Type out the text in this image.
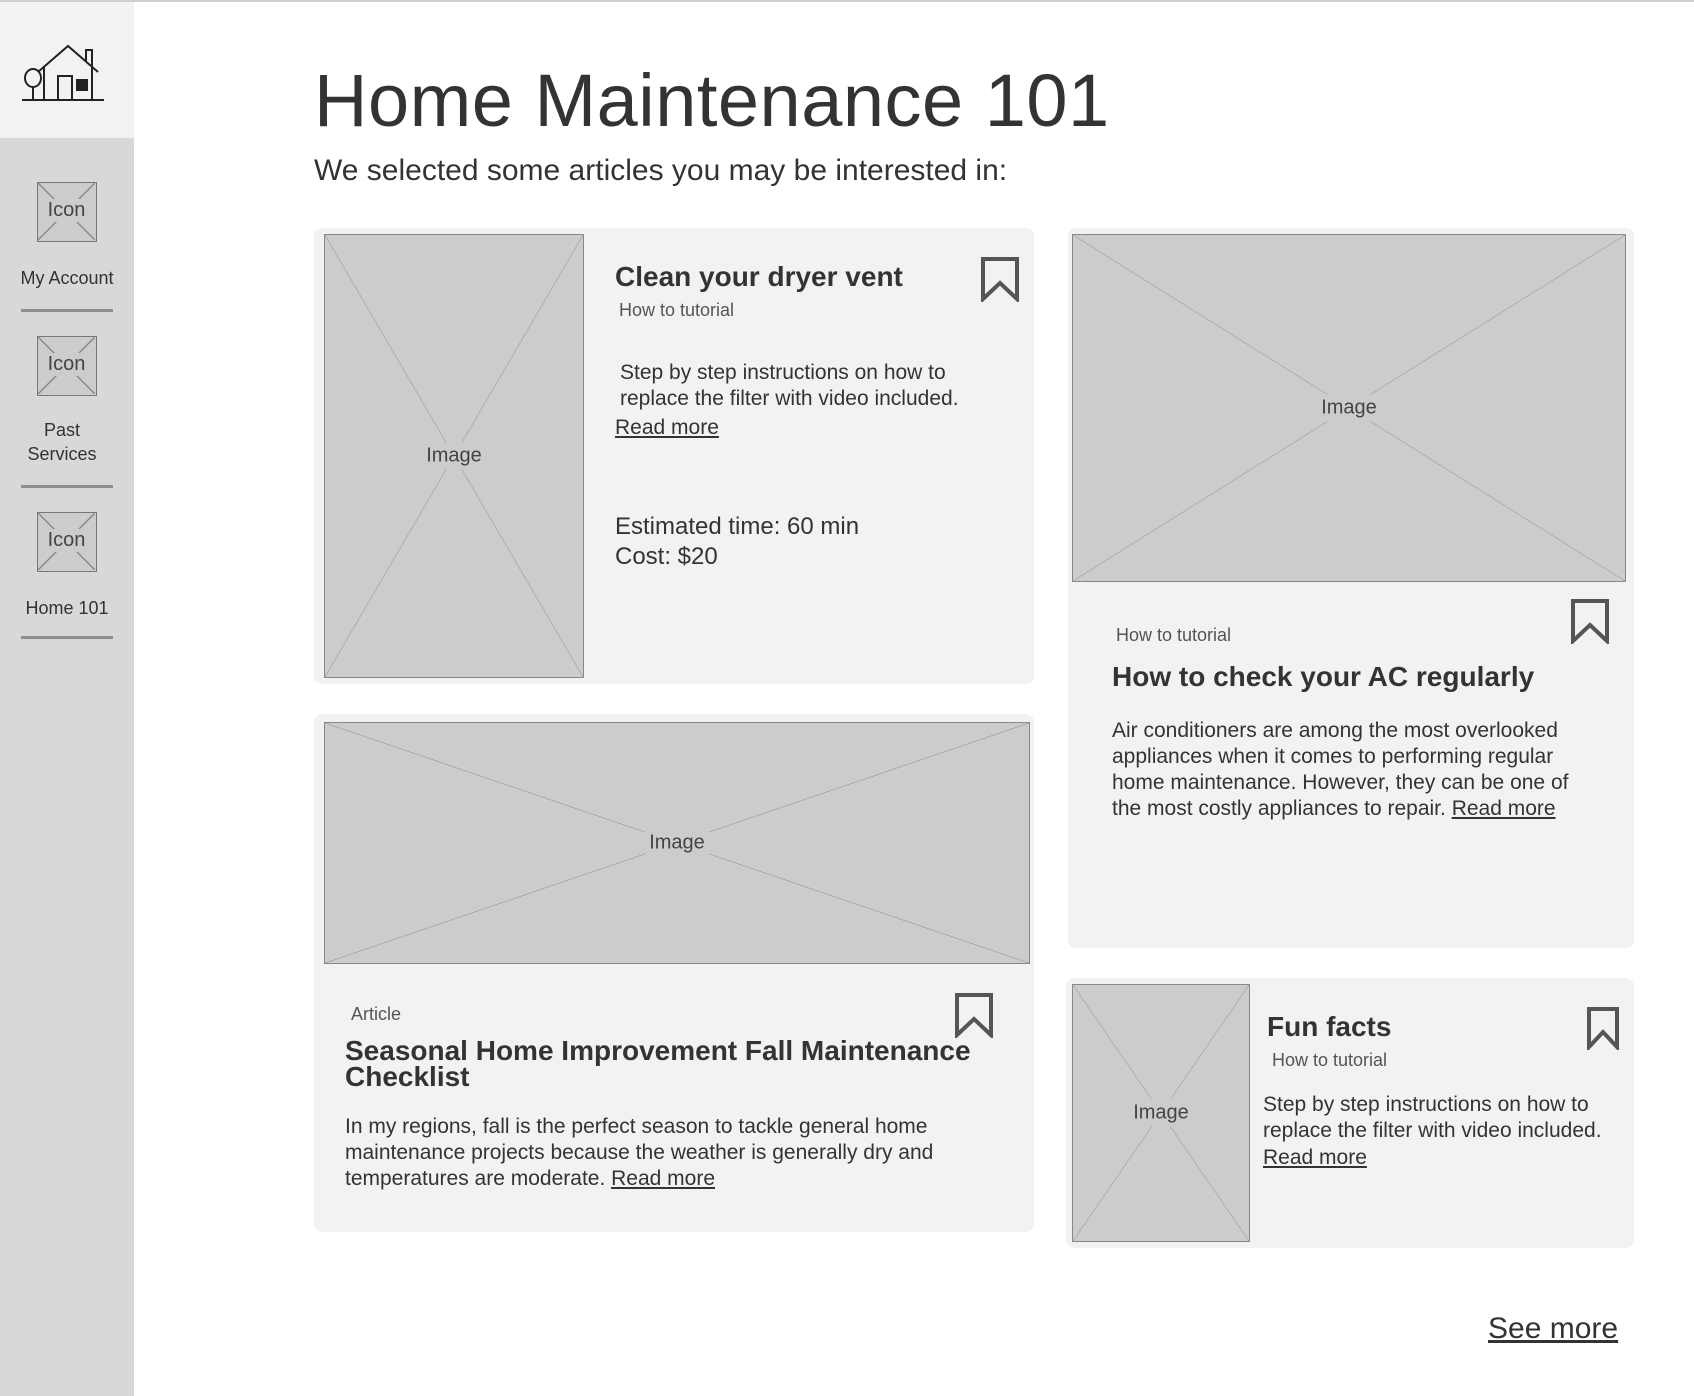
Icon
My Account
Icon
Past
Services
Icon
Home 101
Home Maintenance 101
We selected some articles you may be interested in:
Image
Clean your dryer vent
How to tutorial
Step by step instructions on how to
replace the filter with video included.
Read more
Estimated time: 60 min
Cost: $20
Image
How to tutorial
How to check your AC regularly
Air conditioners are among the most overlooked
appliances when it comes to performing regular
home maintenance. However, they can be one of
the most costly appliances to repair. Read more
Image
Article
Seasonal Home Improvement Fall Maintenance
Checklist
In my regions, fall is the perfect season to tackle general home
maintenance projects because the weather is generally dry and
temperatures are moderate. Read more
Image
Fun facts
How to tutorial
Step by step instructions on how to
replace the filter with video included.
Read more
See more
